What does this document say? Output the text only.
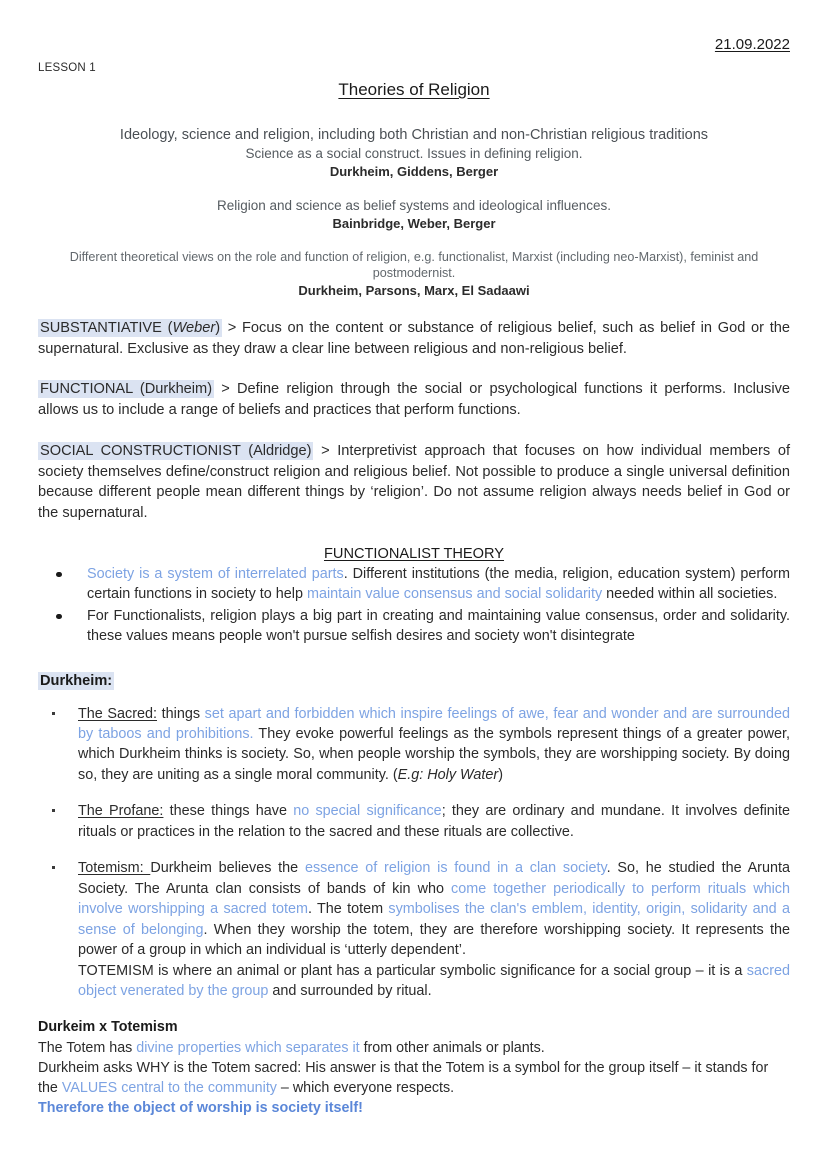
21.09.2022
LESSON 1
Theories of Religion
Ideology, science and religion, including both Christian and non-Christian religious traditions
Science as a social construct. Issues in defining religion.
Durkheim, Giddens, Berger
Religion and science as belief systems and ideological influences.
Bainbridge, Weber, Berger
Different theoretical views on the role and function of religion, e.g. functionalist, Marxist (including neo-Marxist), feminist and postmodernist.
Durkheim, Parsons, Marx, El Sadaawi
SUBSTANTIATIVE (Weber) > Focus on the content or substance of religious belief, such as belief in God or the supernatural. Exclusive as they draw a clear line between religious and non-religious belief.
FUNCTIONAL (Durkheim) > Define religion through the social or psychological functions it performs. Inclusive allows us to include a range of beliefs and practices that perform functions.
SOCIAL CONSTRUCTIONIST (Aldridge) > Interpretivist approach that focuses on how individual members of society themselves define/construct religion and religious belief. Not possible to produce a single universal definition because different people mean different things by ‘religion’. Do not assume religion always needs belief in God or the supernatural.
FUNCTIONALIST THEORY
Society is a system of interrelated parts. Different institutions (the media, religion, education system) perform certain functions in society to help maintain value consensus and social solidarity needed within all societies.
For Functionalists, religion plays a big part in creating and maintaining value consensus, order and solidarity. these values means people won't pursue selfish desires and society won't disintegrate
Durkheim:
The Sacred: things set apart and forbidden which inspire feelings of awe, fear and wonder and are surrounded by taboos and prohibitions. They evoke powerful feelings as the symbols represent things of a greater power, which Durkheim thinks is society. So, when people worship the symbols, they are worshipping society. By doing so, they are uniting as a single moral community. (E.g: Holy Water)
The Profane: these things have no special significance; they are ordinary and mundane. It involves definite rituals or practices in the relation to the sacred and these rituals are collective.
Totemism: Durkheim believes the essence of religion is found in a clan society. So, he studied the Arunta Society. The Arunta clan consists of bands of kin who come together periodically to perform rituals which involve worshipping a sacred totem. The totem symbolises the clan's emblem, identity, origin, solidarity and a sense of belonging. When they worship the totem, they are therefore worshipping society. It represents the power of a group in which an individual is ‘utterly dependent’.
TOTEMISM is where an animal or plant has a particular symbolic significance for a social group – it is a sacred object venerated by the group and surrounded by ritual.
Durkeim x Totemism

The Totem has divine properties which separates it from other animals or plants.

Durkheim asks WHY is the Totem sacred: His answer is that the Totem is a symbol for the group itself – it stands for the VALUES central to the community – which everyone respects.

Therefore the object of worship is society itself!
